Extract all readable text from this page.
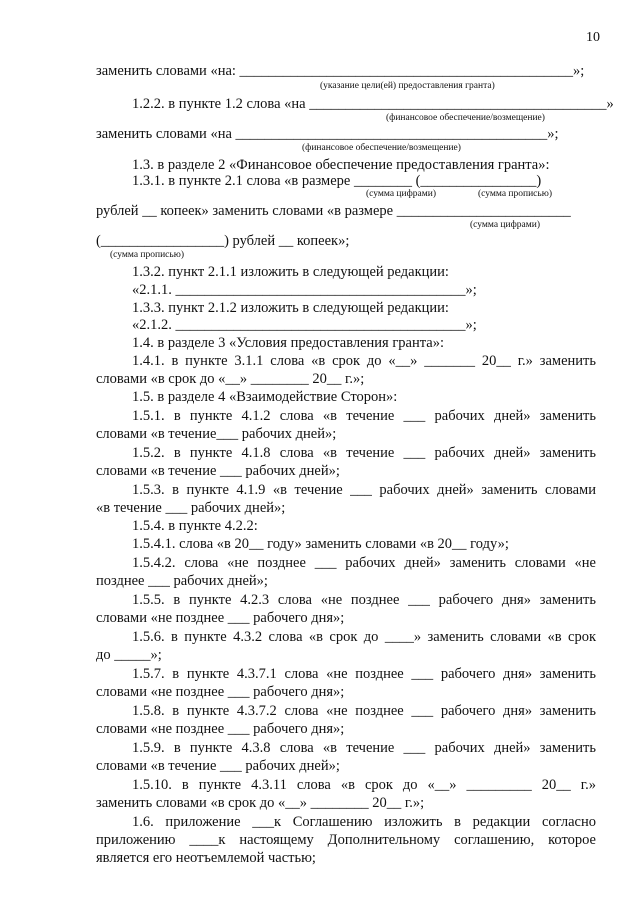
10
заменить словами «на: ______________________________________________»;
(указание цели(ей) предоставления гранта)
1.2.2. в пункте 1.2 слова «на _________________________________________»
(финансовое обеспечение/возмещение)
заменить словами «на ___________________________________________»;
(финансовое обеспечение/возмещение)
1.3. в разделе 2 «Финансовое обеспечение предоставления гранта»:
1.3.1. в пункте 2.1 слова «в размере ________ (________________)
(сумма цифрами)	(сумма прописью)
рублей __ копеек» заменить словами «в размере ________________________
(сумма цифрами)
(_________________) рублей __ копеек»;
(сумма прописью)
1.3.2. пункт 2.1.1 изложить в следующей редакции:
«2.1.1. ________________________________________»;
1.3.3. пункт 2.1.2 изложить в следующей редакции:
«2.1.2. ________________________________________»;
1.4. в разделе 3 «Условия предоставления гранта»:
1.4.1. в пункте 3.1.1 слова «в срок до «__» _______ 20__ г.» заменить
словами «в срок до «__» ________ 20__ г.»;
1.5. в разделе 4 «Взаимодействие Сторон»:
1.5.1. в пункте 4.1.2 слова «в течение ___ рабочих дней» заменить
словами «в течение___ рабочих дней»;
1.5.2. в пункте 4.1.8 слова «в течение ___ рабочих дней» заменить
словами «в течение ___ рабочих дней»;
1.5.3. в пункте 4.1.9 «в течение ___ рабочих дней» заменить словами
«в течение ___ рабочих дней»;
1.5.4. в пункте 4.2.2:
1.5.4.1. слова «в 20__ году» заменить словами «в 20__ году»;
1.5.4.2. слова «не позднее ___ рабочих дней» заменить словами «не
позднее ___ рабочих дней»;
1.5.5. в пункте 4.2.3 слова «не позднее ___ рабочего дня» заменить
словами «не позднее ___ рабочего дня»;
1.5.6. в пункте 4.3.2 слова «в срок до ____» заменить словами «в срок
до _____»;
1.5.7. в пункте 4.3.7.1 слова «не позднее ___ рабочего дня» заменить
словами «не позднее ___ рабочего дня»;
1.5.8. в пункте 4.3.7.2 слова «не позднее ___ рабочего дня» заменить
словами «не позднее ___ рабочего дня»;
1.5.9. в пункте 4.3.8 слова «в течение ___ рабочих дней» заменить
словами «в течение ___ рабочих дней»;
1.5.10. в пункте 4.3.11 слова «в срок до «__» _________ 20__ г.»
заменить словами «в срок до «__» ________ 20__ г.»;
1.6. приложение ___к Соглашению изложить в редакции согласно
приложению ____к настоящему Дополнительному соглашению, которое
является его неотъемлемой частью;
